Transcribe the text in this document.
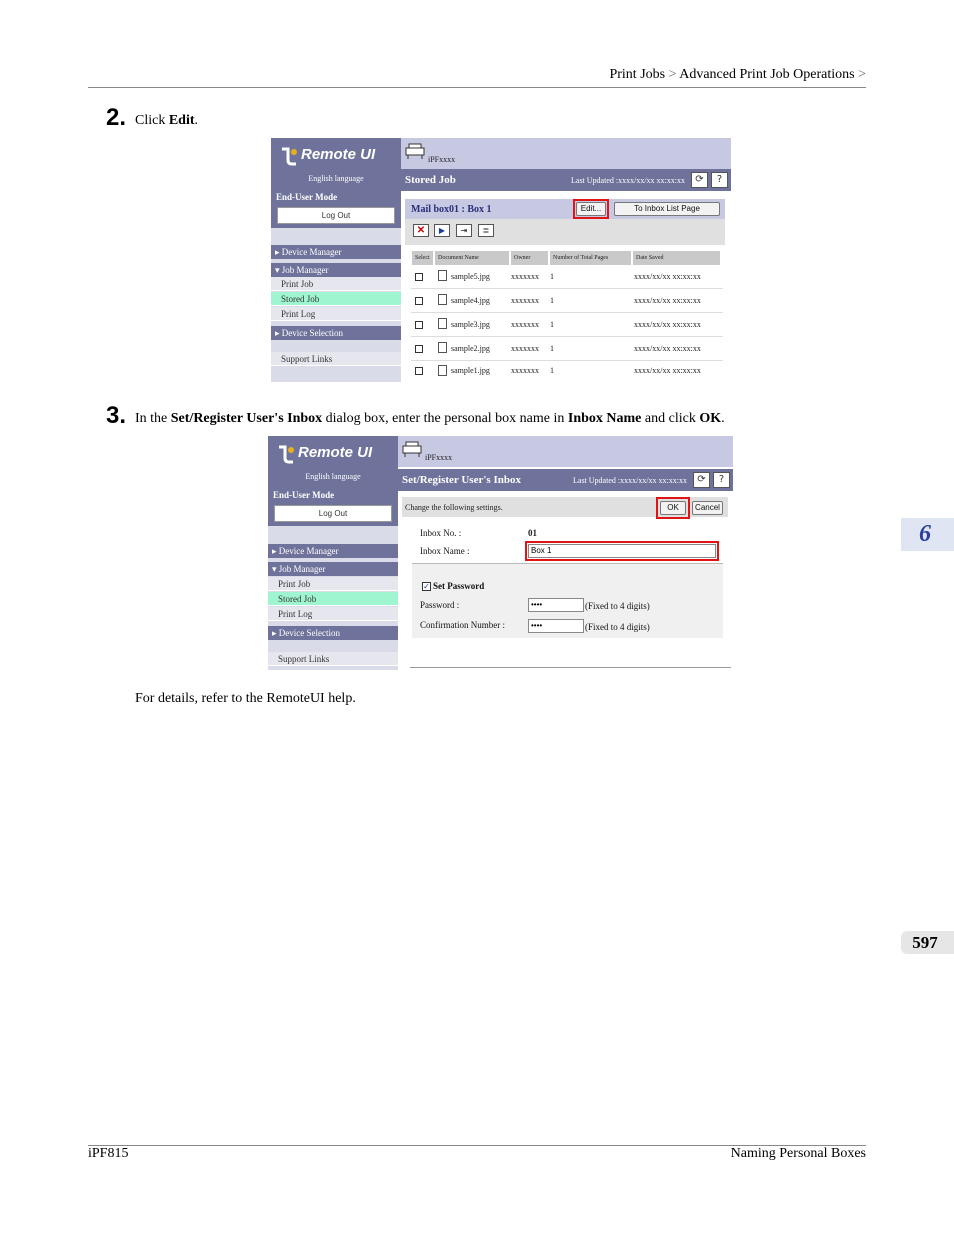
Print Jobs > Advanced Print Job Operations >
2. Click Edit.
Remote UI
English language
End-User Mode
Log Out
▸ Device Manager
▾ Job Manager
Print Job
Stored Job
Print Log
▸ Device Selection
Support Links
iPFxxxx
Stored Job	Last Updated :xxxx/xx/xx xx:xx:xx	⟳	?
Mail box01 : Box 1	Edit...	To Inbox List Page
✕	▶	⇥	≣
Select	Document Name	Owner	Number of Total Pages	Date Saved
sample5.jpg	xxxxxxx 1	xxxx/xx/xx xx:xx:xx
sample4.jpg	xxxxxxx 1	xxxx/xx/xx xx:xx:xx
sample3.jpg	xxxxxxx 1	xxxx/xx/xx xx:xx:xx
sample2.jpg	xxxxxxx 1	xxxx/xx/xx xx:xx:xx
sample1.jpg	xxxxxxx 1	xxxx/xx/xx xx:xx:xx
3. In the Set/Register User's Inbox dialog box, enter the personal box name in Inbox Name and click OK.
Remote UI
English language
End-User Mode
Log Out
▸ Device Manager
▾ Job Manager
Print Job
Stored Job
Print Log
▸ Device Selection
Support Links
iPFxxxx
Set/Register User's Inbox	Last Updated :xxxx/xx/xx xx:xx:xx	⟳	?
Change the following settings.	OK	Cancel
Inbox No. :	01
Inbox Name :	Box 1
✓ Set Password
Password :	••••	(Fixed to 4 digits)
Confirmation Number :	••••	(Fixed to 4 digits)
For details, refer to the RemoteUI help.
6
597
iPF815	Naming Personal Boxes
